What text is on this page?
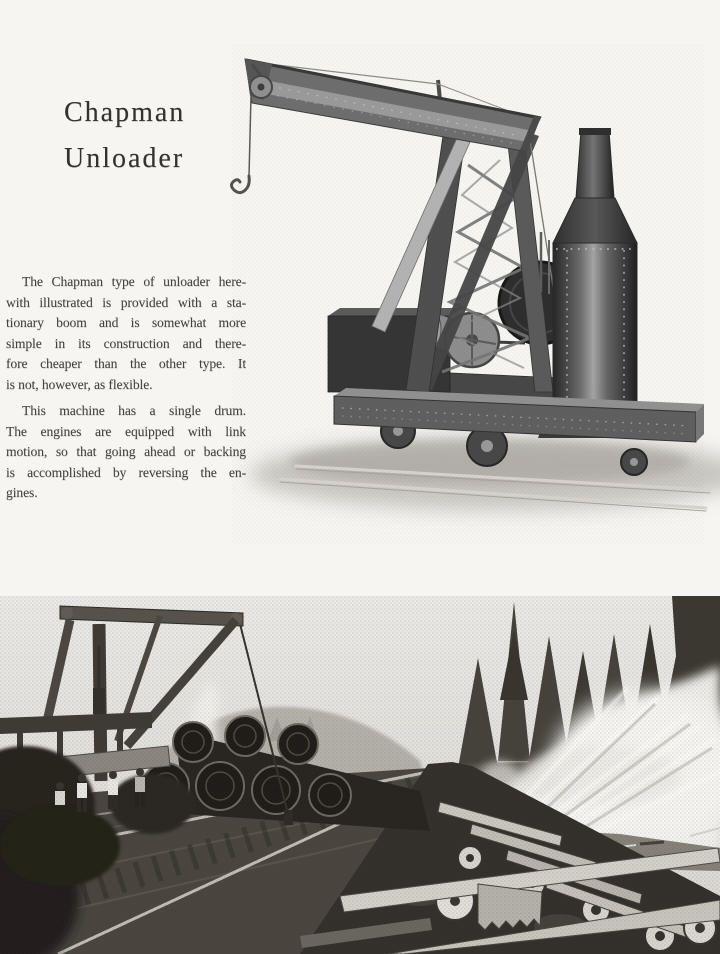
Chapman
Unloader
The Chapman type of unloader here-
with illustrated is provided with a sta-
tionary boom and is somewhat more
simple in its construction and there-
fore cheaper than the other type. It
is not, however, as flexible.
This machine has a single drum.
The engines are equipped with link
motion, so that going ahead or backing
is accomplished by reversing the en-
gines.
